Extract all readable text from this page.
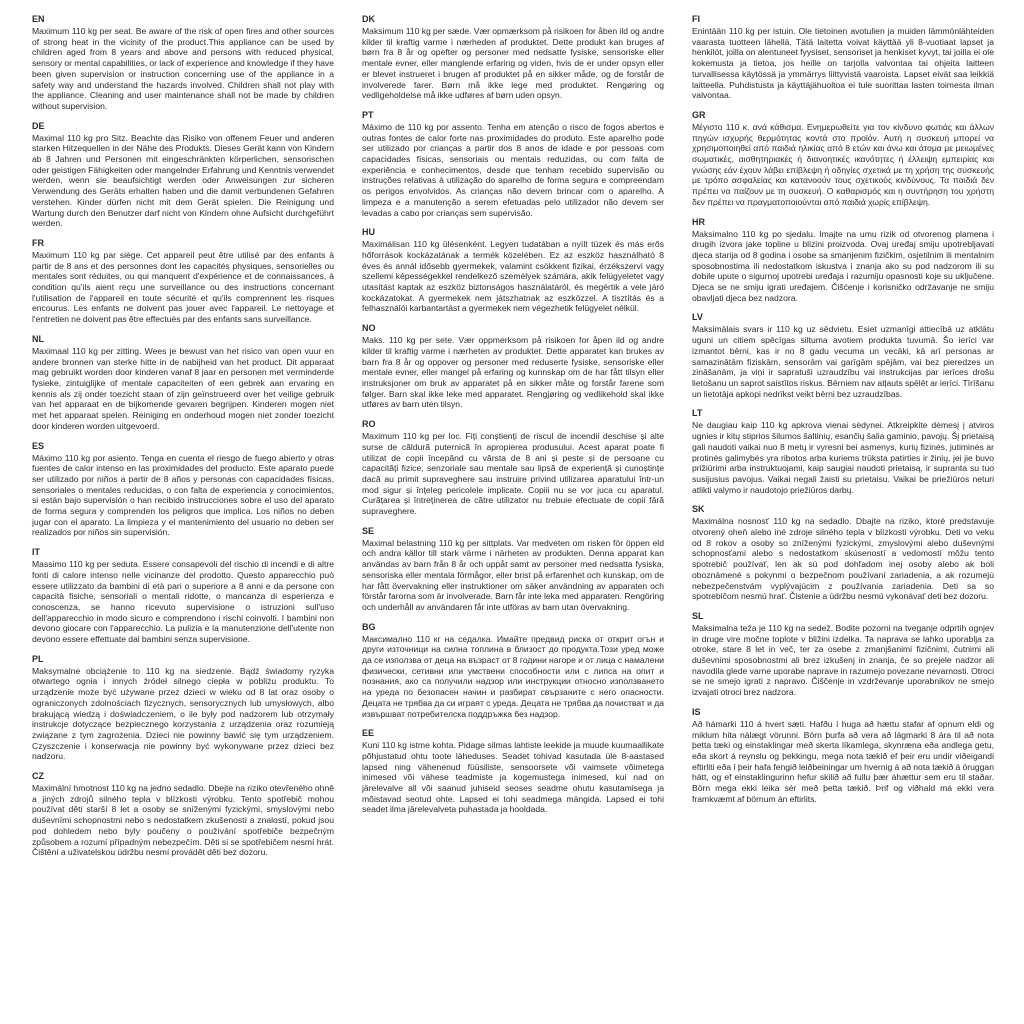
EN
Maximum 110 kg per seat. Be aware of the risk of open fires and other sources of strong heat in the vicinity of the product.This appliance can be used by children aged from 8 years and above and persons with reduced physical, sensory or mental capabilities, or lack of experience and knowledge if they have been given supervision or instruction concerning use of the appliance in a safety way and understand the hazards involved. Children shall not play with the appliance. Cleaning and user maintenance shall not be made by children without supervision.
DE
Maximal 110 kg pro Sitz. Beachte das Risiko von offenem Feuer und anderen starken Hitzequellen in der Nähe des Produkts. Dieses Gerät kann von Kindern ab 8 Jahren und Personen mit eingeschränkten körperlichen, sensorischen oder geistigen Fähigkeiten oder mangelnder Erfahrung und Kenntnis verwendet werden, wenn sie beaufsichtigt werden oder Anweisungen zur sicheren Verwendung des Geräts erhalten haben und die damit verbundenen Gefahren verstehen. Kinder dürfen nicht mit dem Gerät spielen. Die Reinigung und Wartung durch den Benutzer darf nicht von Kindern ohne Aufsicht durchgeführt werden.
FR
Maximum 110 kg par siège. Cet appareil peut être utilisé par des enfants à partir de 8 ans et des personnes dont les capacités physiques, sensorielles ou mentales sont réduites, ou qui manquent d'expérience et de connaissances, à condition qu'ils aient reçu une surveillance ou des instructions concernant l'utilisation de l'appareil en toute sécurité et qu'ils comprennent les risques encourus. Les enfants ne doivent pas jouer avec l'appareil. Le nettoyage et l'entretien ne doivent pas être effectués par des enfants sans surveillance.
NL
Maximaal 110 kg per zitting. Wees je bewust van het risico van open vuur en andere bronnen van sterke hitte in de nabijheid van het product. Dit apparaat mag gebruikt worden door kinderen vanaf 8 jaar en personen met verminderde fysieke, zintuiglijke of mentale capaciteiten of een gebrek aan ervaring en kennis als zij onder toezicht staan of zijn geïnstrueerd over het veilige gebruik van het apparaat en de bijkomende gevaren begrijpen. Kinderen mogen niet met het apparaat spelen. Reiniging en onderhoud mogen niet zonder toezicht door kinderen worden uitgevoerd.
ES
Máximo 110 kg por asiento. Tenga en cuenta el riesgo de fuego abierto y otras fuentes de calor intenso en las proximidades del producto. Este aparato puede ser utilizado por niños a partir de 8 años y personas con capacidades físicas, sensoriales o mentales reducidas, o con falta de experiencia y conocimientos, si están bajo supervisión o han recibido instrucciones sobre el uso del aparato de forma segura y comprenden los peligros que implica. Los niños no deben jugar con el aparato. La limpieza y el mantenimiento del usuario no deben ser realizados por niños sin supervisión.
IT
Massimo 110 kg per seduta. Essere consapevoli del rischio di incendi e di altre fonti di calore intenso nelle vicinanze del prodotto. Questo apparecchio può essere utilizzato da bambini di età pari o superiore a 8 anni e da persone con capacità fisiche, sensoriali o mentali ridotte, o mancanza di esperienza e conoscenza, se hanno ricevuto supervisione o istruzioni sull'uso dell'apparecchio in modo sicuro e comprendono i rischi coinvolti. I bambini non devono giocare con l'apparecchio. La pulizia e la manutenzione dell'utente non devono essere effettuate dai bambini senza supervisione.
PL
Maksymalne obciążenie to 110 kg na siedzenie. Bądź świadomy ryzyka otwartego ognia i innych źródeł silnego ciepła w pobliżu produktu. To urządzenie może być używane przez dzieci w wieku od 8 lat oraz osoby o ograniczonych zdolnościach fizycznych, sensorycznych lub umysłowych, albo brakującą wiedzą i doświadczeniem, o ile były pod nadzorem lub otrzymały instrukcje dotyczące bezpiecznego korzystania z urządzenia oraz rozumieją związane z tym zagrożenia. Dzieci nie powinny bawić się tym urządzeniem. Czyszczenie i konserwacja nie powinny być wykonywane przez dzieci bez nadzoru.
CZ
Maximální hmotnost 110 kg na jedno sedadlo. Dbejte na riziko otevřeného ohně a jiných zdrojů silného tepla v blízkosti výrobku. Tento spotřebič mohou používat děti starší 8 let a osoby se sníženými fyzickými, smyslovými nebo duševními schopnostmi nebo s nedostatkem zkušeností a znalostí, pokud jsou pod dohledem nebo byly poučeny o používání spotřebiče bezpečným způsobem a rozumí případným nebezpečím. Děti si se spotřebičem nesmí hrát. Čištění a uživatelskou údržbu nesmí provádět děti bez dozoru.
DK
Maksimum 110 kg per sæde. Vær opmærksom på risikoen for åben ild og andre kilder til kraftig varme i nærheden af produktet. Dette produkt kan bruges af børn fra 8 år og opefter og personer med nedsatte fysiske, sensoriske eller mentale evner, eller manglende erfaring og viden, hvis de er under opsyn eller er blevet instrueret i brugen af produktet på en sikker måde, og de forstår de involverede farer. Børn må ikke lege med produktet. Rengøring og vedligeholdelse må ikke udføres af børn uden opsyn.
PT
Máximo de 110 kg por assento. Tenha em atenção o risco de fogos abertos e outras fontes de calor forte nas proximidades do produto. Este aparelho pode ser utilizado por crianças a partir dos 8 anos de idade e por pessoas com capacidades físicas, sensoriais ou mentais reduzidas, ou com falta de experiência e conhecimentos, desde que tenham recebido supervisão ou instruções relativas à utilização do aparelho de forma segura e compreendam os perigos envolvidos. As crianças não devem brincar com o aparelho. A limpeza e a manutenção a serem efetuadas pelo utilizador não devem ser levadas a cabo por crianças sem supervisão.
HU
Maximálisan 110 kg ülésenként. Legyen tudatában a nyílt tüzek és más erős hőforrások kockázatának a termék közelében. Ez az eszköz használható 8 éves és annál idősebb gyermekek, valamint csökkent fizikai, érzékszervi vagy szellemi képességekkel rendelkező személyek számára, akik felügyeletet vagy utasítást kaptak az eszköz biztonságos használatáról, és megértik a vele járó kockázatokat. A gyermekek nem játszhatnak az eszközzel. A tisztítás és a felhasználói karbantartást a gyermekek nem végezhetik felügyelet nélkül.
NO
Maks. 110 kg per sete. Vær oppmerksom på risikoen for åpen ild og andre kilder til kraftig varme i nærheten av produktet. Dette apparatet kan brukes av barn fra 8 år og oppover og personer med reduserte fysiske, sensoriske eller mentale evner, eller mangel på erfaring og kunnskap om de har fått tilsyn eller instruksjoner om bruk av apparatet på en sikker måte og forstår farene som følger. Barn skal ikke leke med apparatet. Rengjøring og vedlikehold skal ikke utføres av barn uten tilsyn.
RO
Maximum 110 kg per loc. Fiți conștienți de riscul de incendii deschise și alte surse de căldură puternică în apropierea produsului. Acest aparat poate fi utilizat de copii începând cu vârsta de 8 ani și peste și de persoane cu capacități fizice, senzoriale sau mentale sau lipsă de experiență și cunoștințe dacă au primit supraveghere sau instruire privind utilizarea aparatului într-un mod sigur și înțeleg pericolele implicate. Copiii nu se vor juca cu aparatul. Curățarea și întreținerea de către utilizator nu trebuie efectuate de copii fără supraveghere.
SE
Maximal belastning 110 kg per sittplats. Var medveten om risken för öppen eld och andra källor till stark värme i närheten av produkten. Denna apparat kan användas av barn från 8 år och uppåt samt av personer med nedsatta fysiska, sensoriska eller mentala förmågor, eller brist på erfarenhet och kunskap, om de har fått övervakning eller instruktioner om säker användning av apparaten och förstår farorna som är involverade. Barn får inte leka med apparaten. Rengöring och underhåll av användaren får inte utföras av barn utan övervakning.
BG
Максимално 110 кг на седалка. Имайте предвид риска от открит огън и други източници на силна топлина в близост до продукта.Този уред може да се използва от деца на възраст от 8 години нагоре и от лица с намалени физически, сетивни или умствени способности или с липса на опит и познания, ако са получили надзор или инструкции относно използването на уреда по безопасен начин и разбират свързаните с него опасности. Децата не трябва да си играят с уреда. Децата не трябва да почистват и да извършват потребителска поддръжка без надзор.
EE
Kuni 110 kg istme kohta. Pidage silmas lahtiste leekide ja muude kuumaallikate põhjustatud ohtu toote läheduses. Seadet tohivad kasutada üle 8-aastased lapsed ning vähenenud füüsiliste, sensoorsete või vaimsete võimetega inimesed või vähese teadmiste ja kogemustega inimesed, kui nad on järelevalve all või saanud juhiseid seoses seadme ohutu kasutamisega ja mõistavad seotud ohte. Lapsed ei tohi seadmega mängida. Lapsed ei tohi seadet ilma järelevalveta puhastada ja hooldada.
FI
Enintään 110 kg per istuin. Ole tietoinen avotulien ja muiden lämmönlähteiden vaarasta tuotteen lähellä. Tätä laitetta voivat käyttää yli 8-vuotiaat lapset ja henkilöt, joilla on alentuneet fyysiset, sensoriset ja henkiset kyvyt, tai joilla ei ole kokemusta ja tietoa, jos heille on tarjolla valvontaa tai ohjeita laitteen turvallisessa käytössä ja ymmärrys liittyvistä vaaroista. Lapset eivät saa leikkiä laitteella. Puhdistusta ja käyttäjähuoltoa ei tule suorittaa lasten toimesta ilman valvontaa.
GR
Μέγιστο 110 κ. ανά κάθισμα. Ενημερωθείτε για τον κίνδυνο φωτιάς και άλλων πηγών ισχυρής θερμότητας κοντά στο προϊόν. Αυτή η συσκευή μπορεί να χρησιμοποιηθεί από παιδιά ηλικίας από 8 ετών και άνω και άτομα με μειωμένες σωματικές, αισθητηριακές ή διανοητικές ικανότητες ή έλλειψη εμπειρίας και γνώσης εάν έχουν λάβει επίβλεψη ή οδηγίες σχετικά με τη χρήση της συσκευής με τρόπο ασφαλείας και κατανοούν τους σχετικούς κινδύνους. Τα παιδιά δεν πρέπει να παίζουν με τη συσκευή. Ο καθαρισμός και η συντήρηση του χρήστη δεν πρέπει να πραγματοποιούνται από παιδιά χωρίς επίβλεψη.
HR
Maksimalno 110 kg po sjedalu. Imajte na umu rizik od otvorenog plamena i drugih izvora jake topline u blizini proizvoda. Ovaj uređaj smiju upotrebljavati djeca starija od 8 godina i osobe sa smanjenim fizičkim, osjetilnim ili mentalnim sposobnostima ili nedostatkom iskustva i znanja ako su pod nadzorom ili su dobile upute o sigurnoj upotrebi uređaja i razumiju opasnosti koje su uključene. Djeca se ne smiju igrati uređajem. Čišćenje i korisničko održavanje ne smiju obavljati djeca bez nadzora.
LV
Maksimālais svars ir 110 kg uz sēdvietu. Esiet uzmanīgi attiecībā uz atklātu uguni un citiem spēcīgas siltuma avotiem produkta tuvumā. Šo ierīci var izmantot bērni, kas ir no 8 gadu vecuma un vecāki, kā arī personas ar samazinātām fiziskām, sensorām vai garīgām spējām, vai bez pieredzes un zināšanām, ja viņi ir sapratuši uzraudzību vai instrukcijas par ierīces drošu lietošanu un saprot saistītos riskus. Bērniem nav atļauts spēlēt ar ierīci. Tīrīšanu un lietotāja apkopi nedrīkst veikt bērni bez uzraudzības.
LT
Ne daugiau kaip 110 kg apkrova vienai sėdynei. Atkreipkite dėmesį į atviros ugnies ir kitų stiprios šilumos šaltinių, esančių šalia gaminio, pavojų. Šį prietaisą gali naudoti vaikai nuo 8 metų ir vyresni bei asmenys, kurių fizinės, jutiminės ar protinės galimybės yra ribotos arba kuriems trūksta patirties ir žinių, jei jie buvo prižiūrimi arba instruktuojami, kaip saugiai naudoti prietaisą, ir supranta su tuo susijusius pavojus. Vaikai negali žaisti su prietaisu. Vaikai be priežiūros neturi atlikti valymo ir naudotojo priežiūros darbų.
SK
Maximálna nosnosť 110 kg na sedadlo. Dbajte na riziko, ktoré predstavuje otvorený oheň alebo iné zdroje silného tepla v blízkosti výrobku. Deti vo veku od 8 rokov a osoby so zníženými fyzickými, zmyslovými alebo duševnými schopnosťami alebo s nedostatkom skúseností a vedomostí môžu tento spotrebič používať, len ak sú pod dohľadom inej osoby alebo ak boli oboznámené s pokynmi o bezpečnom používaní zariadenia, a ak rozumejú nebezpečenstvám vyplývajúcim z používania zariadenia. Deti sa so spotrebičom nesmú hrať. Čistenie a údržbu nesmú vykonávať deti bez dozoru.
SL
Maksimalna teža je 110 kg na sedež. Bodite pozorni na tveganje odprtih ognjev in druge vire močne toplote v bližini izdelka. Ta naprava se lahko uporablja za otroke, stare 8 let in več, ter za osebe z zmanjšanimi fizičnimi, čutnimi ali duševnimi sposobnostmi ali brez izkušenj in znanja, če so prejele nadzor ali navodila glede varne uporabe naprave in razumejo povezane nevarnosti. Otroci se ne smejo igrati z napravo. Čiščenje in vzdrževanje uporabnikov ne smejo izvajati otroci brez nadzora.
IS
Að hámarki 110 á hvert sæti. Hafðu í huga að hættu stafar af opnum eldi og miklum hita nálægt vörunni. Börn þurfa að vera að lágmarki 8 ára til að nota þetta tæki og einstaklingar með skerta líkamlega, skynræna eða andlega getu, eða skort á reynslu og þekkingu, mega nota tækið ef þeir eru undir viðeigandi eftirliti eða í þeir hafa fengið leiðbeiningar um hvernig á að nota tækið á öruggan hátt, og ef einstaklingurinn hefur skilið að fullu þær áhættur sem eru til staðar. Börn mega ekki leika sér með þetta tækið. Þrif og viðhald má ekki vera framkvæmt af börnum án eftirlits.
